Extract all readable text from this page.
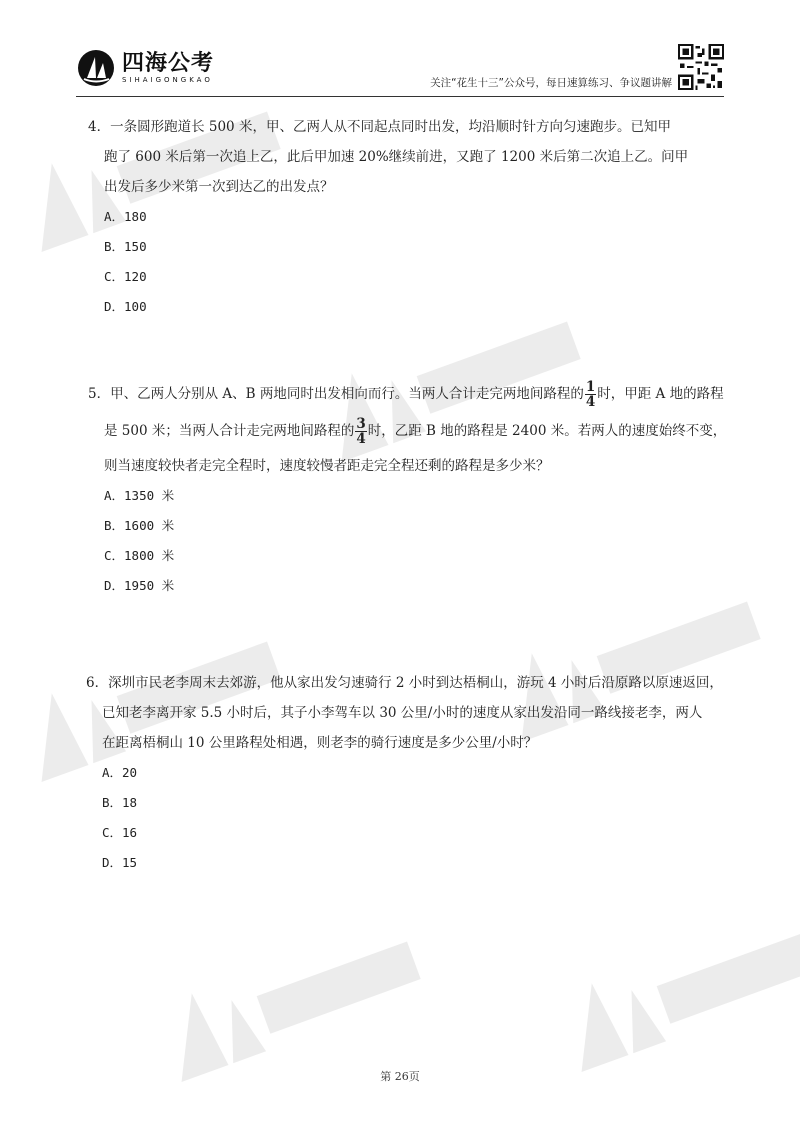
四海公考
SIHAIGONGKAO	关注“花生十三”公众号，每日速算练习、争议题讲解

4．一条圆形跑道长 500 米，甲、乙两人从不同起点同时出发，均沿顺时针方向匀速跑步。已知甲

跑了 600 米后第一次追上乙，此后甲加速 20%继续前进，又跑了 1200 米后第二次追上乙。问甲

出发后多少米第一次到达乙的出发点？

A．180

B．150

C．120

D．100

5．甲、乙两人分别从 A、B 两地同时出发相向而行。当两人合计走完两地间路程的 $\frac{1}{4}$ 时，甲距 A 地的路程

是 500 米；当两人合计走完两地间路程的 $\frac{3}{4}$ 时，乙距 B 地的路程是 2400 米。若两人的速度始终不变，

则当速度较快者走完全程时，速度较慢者距走完全程还剩的路程是多少米？

A．1350 米

B．1600 米

C．1800 米

D．1950 米

6．深圳市民老李周末去郊游，他从家出发匀速骑行 2 小时到达梧桐山，游玩 4 小时后沿原路以原速返回，

已知老李离开家 5.5 小时后，其子小李驾车以 30 公里/小时的速度从家出发沿同一路线接老李，两人

在距离梧桐山 10 公里路程处相遇，则老李的骑行速度是多少公里/小时？

A．20

B．18

C．16

D．15

第 26页
